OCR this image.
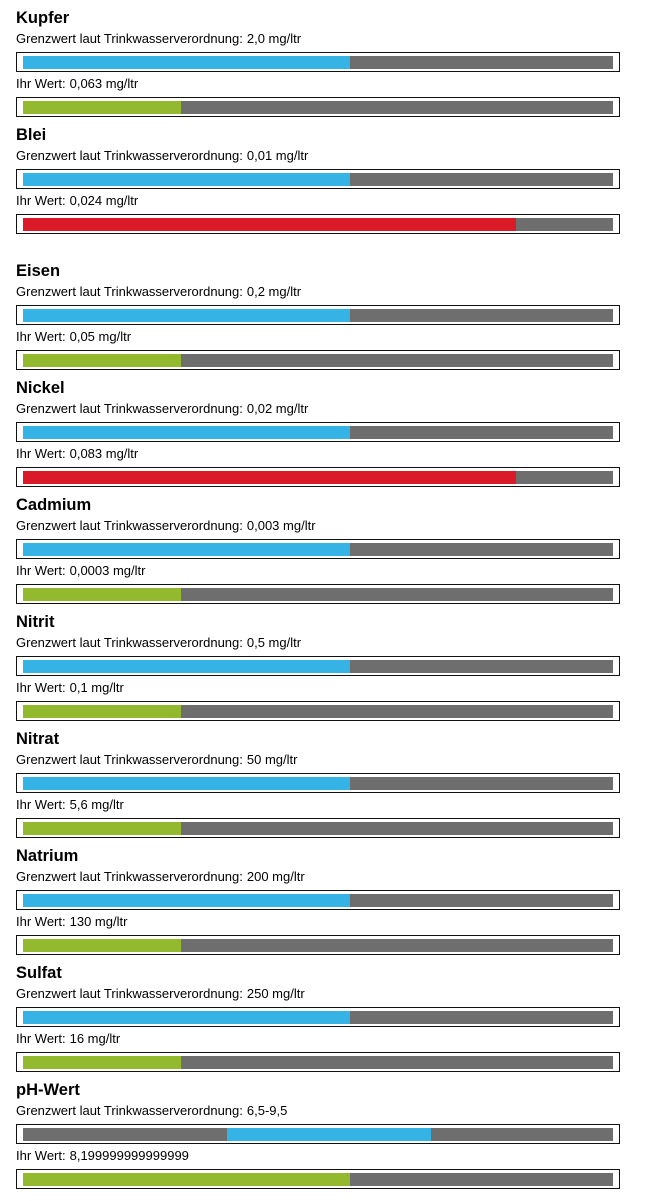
Kupfer
Grenzwert laut Trinkwasserverordnung: 2,0 mg/ltr
Ihr Wert: 0,063 mg/ltr
Blei
Grenzwert laut Trinkwasserverordnung: 0,01 mg/ltr
Ihr Wert: 0,024 mg/ltr
Eisen
Grenzwert laut Trinkwasserverordnung: 0,2 mg/ltr
Ihr Wert: 0,05 mg/ltr
Nickel
Grenzwert laut Trinkwasserverordnung: 0,02 mg/ltr
Ihr Wert: 0,083 mg/ltr
Cadmium
Grenzwert laut Trinkwasserverordnung: 0,003 mg/ltr
Ihr Wert: 0,0003 mg/ltr
Nitrit
Grenzwert laut Trinkwasserverordnung: 0,5 mg/ltr
Ihr Wert: 0,1 mg/ltr
Nitrat
Grenzwert laut Trinkwasserverordnung: 50 mg/ltr
Ihr Wert: 5,6 mg/ltr
Natrium
Grenzwert laut Trinkwasserverordnung: 200 mg/ltr
Ihr Wert: 130 mg/ltr
Sulfat
Grenzwert laut Trinkwasserverordnung: 250 mg/ltr
Ihr Wert: 16 mg/ltr
pH-Wert
Grenzwert laut Trinkwasserverordnung: 6,5-9,5
Ihr Wert: 8,199999999999999
